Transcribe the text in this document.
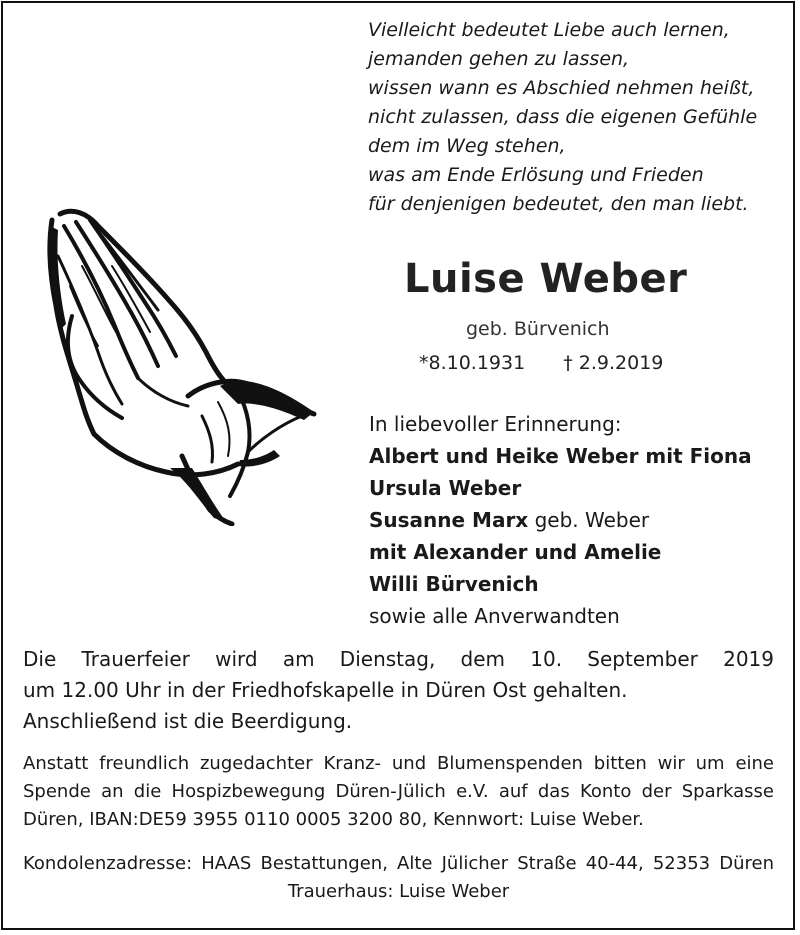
Vielleicht bedeutet Liebe auch lernen,
jemanden gehen zu lassen,
wissen wann es Abschied nehmen heißt,
nicht zulassen, dass die eigenen Gefühle
dem im Weg stehen,
was am Ende Erlösung und Frieden
für denjenigen bedeutet, den man liebt.
Luise Weber
geb. Bürvenich
*8.10.1931 † 2.9.2019
In liebevoller Erinnerung:
Albert und Heike Weber mit Fiona
Ursula Weber
Susanne Marx geb. Weber
mit Alexander und Amelie
Willi Bürvenich
sowie alle Anverwandten
Die Trauerfeier wird am Dienstag, dem 10. September 2019
um 12.00 Uhr in der Friedhofskapelle in Düren Ost gehalten.
Anschließend ist die Beerdigung.
Anstatt freundlich zugedachter Kranz- und Blumenspenden bitten wir um eine
Spende an die Hospizbewegung Düren-Jülich e.V. auf das Konto der Sparkasse
Düren, IBAN:DE59 3955 0110 0005 3200 80, Kennwort: Luise Weber.
Kondolenzadresse: HAAS Bestattungen, Alte Jülicher Straße 40-44, 52353 Düren
Trauerhaus: Luise Weber
